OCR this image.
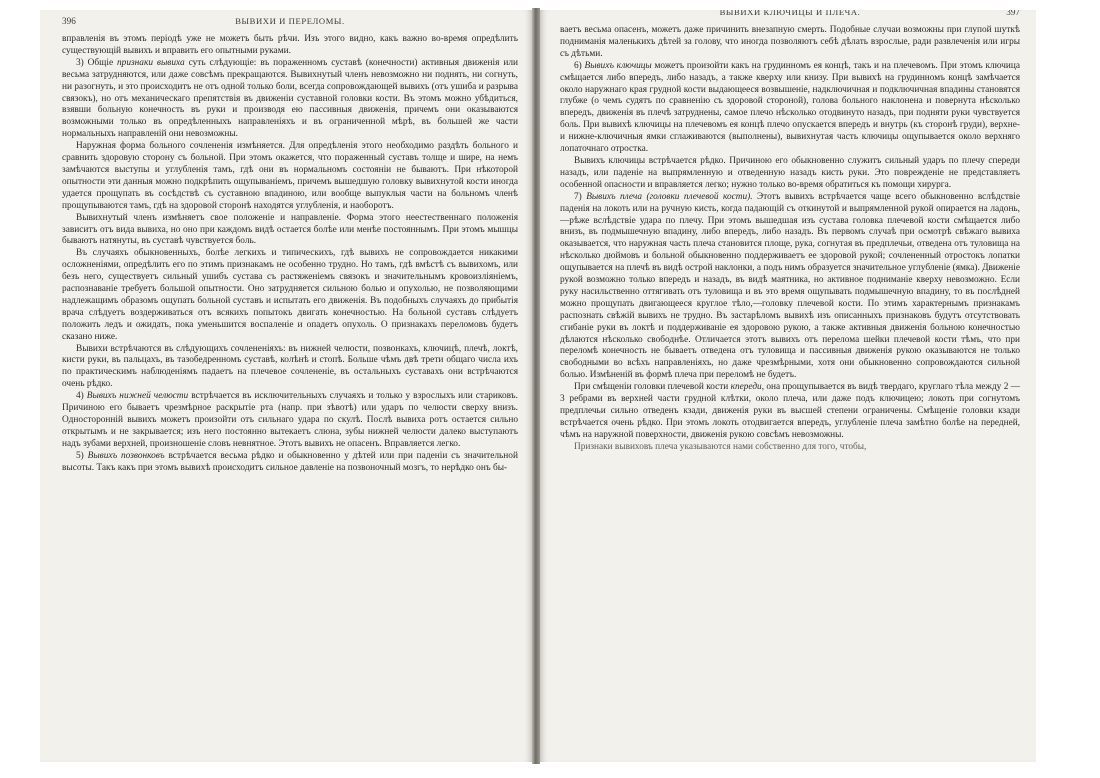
396	ВЫВИХИ И ПЕРЕЛОМЫ.

вправленія въ этомъ періодѣ уже не можетъ быть рѣчи. Изъ этого видно, какъ важно во-время опредѣлить существующій вывихъ и вправить его опытными руками.

3) Общіе признаки вывиха суть слѣдующіе: въ пораженномъ суставѣ (конечности) активныя движенія или весьма затрудняются, или даже совсѣмъ прекращаются. Вывихнутый членъ невозможно ни поднять, ни согнуть, ни разогнуть, и это происходитъ не отъ одной только боли, всегда сопровождающей вывихъ (отъ ушиба и разрыва связокъ), но отъ механическаго препятствія въ движеніи суставной головки кости. Въ этомъ можно убѣдиться, взявши больную конечность въ руки и производя ею пассивныя движенія, причемъ они оказываются возможными только въ опредѣленныхъ направленіяхъ и въ ограниченной мѣрѣ, въ большей же части нормальныхъ направленій они невозможны.

Наружная форма больного сочлененія измѣняется. Для опредѣленія этого необходимо раздѣть больного и сравнить здоровую сторону съ больной. При этомъ окажется, что пораженный суставъ толще и шире, на немъ замѣчаются выступы и углубленія тамъ, гдѣ они въ нормальномъ состояніи не бываютъ. При нѣкоторой опытности эти данныя можно подкрѣпить ощупываніемъ, причемъ вышедшую головку вывихнутой кости иногда удается прощупать въ сосѣдствѣ съ суставною впадиною, или вообще выпуклыя части на больномъ членѣ прощупываются тамъ, гдѣ на здоровой сторонѣ находятся углубленія, и наоборотъ.

Вывихнутый членъ измѣняетъ свое положеніе и направленіе. Форма этого неестественнаго положенія зависитъ отъ вида вывиха, но оно при каждомъ видѣ остается болѣе или менѣе постояннымъ. При этомъ мышцы бываютъ натянуты, въ суставѣ чувствуется боль.

Въ случаяхъ обыкновенныхъ, болѣе легкихъ и типическихъ, гдѣ вывихъ не сопровождается никакими осложненіями, опредѣлить его по этимъ признакамъ не особенно трудно. Но тамъ, гдѣ вмѣстѣ съ вывихомъ, или безъ него, существуетъ сильный ушибъ сустава съ растяженіемъ связокъ и значительнымъ кровоизліяніемъ, распознаваніе требуетъ большой опытности. Оно затрудняется сильною болью и опухолью, не позволяющими надлежащимъ образомъ ощупать больной суставъ и испытать его движенія. Въ подобныхъ случаяхъ до прибытія врача слѣдуетъ воздерживаться отъ всякихъ попытокъ двигать конечностью. На больной суставъ слѣдуетъ положить ледъ и ожидать, пока уменьшится воспаленіе и опадетъ опухоль. О признакахъ переломовъ будетъ сказано ниже.

Вывихи встрѣчаются въ слѣдующихъ сочлененіяхъ: въ нижней челюсти, позвонкахъ, ключицѣ, плечѣ, локтѣ, кисти руки, въ пальцахъ, въ тазобедренномъ суставѣ, колѣнѣ и стопѣ. Больше чѣмъ двѣ трети общаго числа ихъ по практическимъ наблюденіямъ падаетъ на плечевое сочлененіе, въ остальныхъ суставахъ они встрѣчаются очень рѣдко.

4) Вывихъ нижней челюсти встрѣчается въ исключительныхъ случаяхъ и только у взрослыхъ или стариковъ. Причиною его бываетъ чрезмѣрное раскрытіе рта (напр. при зѣвотѣ) или ударъ по челюсти сверху внизъ. Односторонній вывихъ можетъ произойти отъ сильнаго удара по скулѣ. Послѣ вывиха ротъ остается сильно открытымъ и не закрывается; изъ него постоянно вытекаетъ слюна, зубы нижней челюсти далеко выступаютъ надъ зубами верхней, произношеніе словъ невнятное. Этотъ вывихъ не опасенъ. Вправляется легко.

5) Вывихъ позвонковъ встрѣчается весьма рѣдко и обыкновенно у дѣтей или при паденіи съ значительной высоты. Такъ какъ при этомъ вывихѣ происходитъ сильное давленіе на позвоночный мозгъ, то нерѣдко онъ бы-

ВЫВИХИ КЛЮЧИЦЫ И ПЛЕЧА.	397

ваетъ весьма опасенъ, можетъ даже причинить внезапную смерть. Подобные случаи возможны при глупой шуткѣ подниманія маленькихъ дѣтей за голову, что иногда позволяютъ себѣ дѣлать взрослые, ради развлеченія или игры съ дѣтьми.

6) Вывихъ ключицы можетъ произойти какъ на грудинномъ ея концѣ, такъ и на плечевомъ. При этомъ ключица смѣщается либо впередъ, либо назадъ, а также кверху или книзу. При вывихѣ на грудинномъ концѣ замѣчается около наружнаго края грудной кости выдающееся возвышеніе, надключичная и подключичная впадины становятся глубже (о чемъ судятъ по сравненію съ здоровой стороной), голова больного наклонена и повернута нѣсколько впередъ, движенія въ плечѣ затруднены, самое плечо нѣсколько отодвинуто назадъ, при подняти руки чувствуется боль. При вывихѣ ключицы на плечевомъ ея концѣ плечо опускается впередъ и внутрь (къ сторонѣ груди), верхне-и нижне-ключичныя ямки сглаживаются (выполнены), вывихнутая часть ключицы ощупывается около верхняго лопаточнаго отростка.

Вывихъ ключицы встрѣчается рѣдко. Причиною его обыкновенно служитъ сильный ударъ по плечу спереди назадъ, или паденіе на выпрямленную и отведенную назадъ кисть руки. Это поврежденіе не представляетъ особенной опасности и вправляется легко; нужно только во-время обратиться къ помощи хирурга.

7) Вывихъ плеча (головки плечевой кости). Этотъ вывихъ встрѣчается чаще всего обыкновенно вслѣдствіе паденія на локоть или на ручную кисть, когда падающій съ откинутой и выпрямленной рукой опирается на ладонь,—рѣже вслѣдствіе удара по плечу. При этомъ вышедшая изъ сустава головка плечевой кости смѣщается либо внизъ, въ подмышечную впадину, либо впередъ, либо назадъ. Въ первомъ случаѣ при осмотрѣ свѣжаго вывиха оказывается, что наружная часть плеча становится площе, рука, согнутая въ предплечьи, отведена отъ туловища на нѣсколько дюймовъ и больной обыкновенно поддерживаетъ ее здоровой рукой; сочлененный отростокъ лопатки ощупывается на плечѣ въ видѣ острой наклонки, а подъ нимъ образуется значительное углубленіе (ямка). Движеніе рукой возможно только впередъ и назадъ, въ видѣ маятника, но активное подниманіе кверху невозможно. Если руку насильственно оттягивать отъ туловища и въ это время ощупывать подмышечную впадину, то въ послѣдней можно прощупать двигающееся круглое тѣло,—головку плечевой кости. По этимъ характернымъ признакамъ распознать свѣжій вывихъ не трудно. Въ застарѣломъ вывихѣ изъ описанныхъ признаковъ будутъ отсутствовать сгибаніе руки въ локтѣ и поддерживаніе ея здоровою рукою, а также активныя движенія больною конечностью дѣлаются нѣсколько свободнѣе. Отличается этотъ вывихъ отъ перелома шейки плечевой кости тѣмъ, что при переломѣ конечность не бываетъ отведена отъ туловища и пассивныя движенія рукою оказываются не только свободными во всѣхъ направленіяхъ, но даже чрезмѣрными, хотя они обыкновенно сопровождаются сильной болью. Измѣненій въ формѣ плеча при переломѣ не будетъ.

При смѣщеніи головки плечевой кости кпереди, она прощупывается въ видѣ твердаго, круглаго тѣла между 2 — 3 ребрами въ верхней части грудной клѣтки, около плеча, или даже подъ ключицею; локоть при согнутомъ предплечьи сильно отведенъ кзади, движенія руки въ высшей степени ограничены. Смѣщеніе головки кзади встрѣчается очень рѣдко. При этомъ локоть отодвигается впередъ, углубленіе плеча замѣтно болѣе на передней, чѣмъ на наружной поверхности, движенія рукою совсѣмъ невозможны.

Признаки вывиховъ плеча указываются нами собственно для того, чтобы,
